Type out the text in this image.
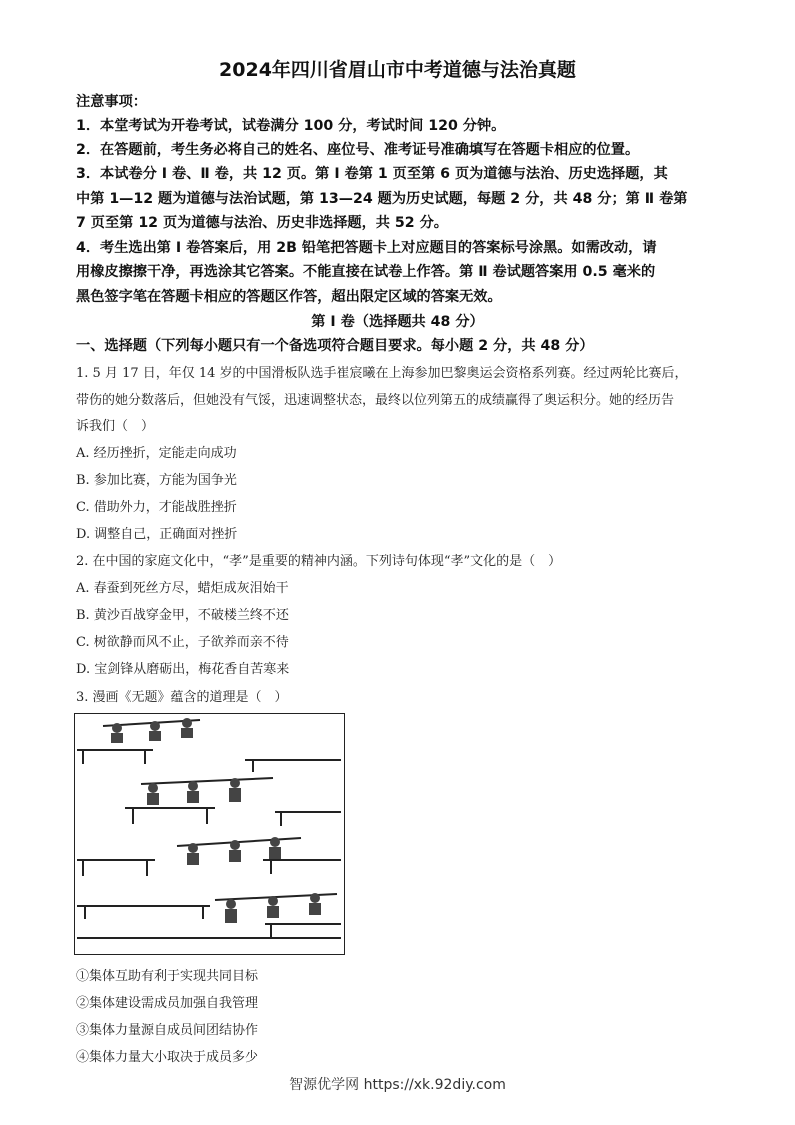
2024年四川省眉山市中考道德与法治真题
注意事项：
1．本堂考试为开卷考试，试卷满分 100 分，考试时间 120 分钟。
2．在答题前，考生务必将自己的姓名、座位号、准考证号准确填写在答题卡相应的位置。
3．本试卷分 Ⅰ 卷、Ⅱ 卷，共 12 页。第 Ⅰ 卷第 1 页至第 6 页为道德与法治、历史选择题，其
中第 1—12 题为道德与法治试题，第 13—24 题为历史试题，每题 2 分，共 48 分；第 Ⅱ 卷第
7 页至第 12 页为道德与法治、历史非选择题，共 52 分。
4．考生选出第 Ⅰ 卷答案后，用 2B 铅笔把答题卡上对应题目的答案标号涂黑。如需改动，请
用橡皮擦擦干净，再选涂其它答案。不能直接在试卷上作答。第 Ⅱ 卷试题答案用 0.5 毫米的
黑色签字笔在答题卡相应的答题区作答，超出限定区域的答案无效。
第 Ⅰ 卷（选择题共 48 分）
一、选择题（下列每小题只有一个备选项符合题目要求。每小题 2 分，共 48 分）
1. 5 月 17 日，年仅 14 岁的中国滑板队选手崔宸曦在上海参加巴黎奥运会资格系列赛。经过两轮比赛后，
带伤的她分数落后，但她没有气馁，迅速调整状态，最终以位列第五的成绩赢得了奥运积分。她的经历告
诉我们（　）
A. 经历挫折，定能走向成功
B. 参加比赛，方能为国争光
C. 借助外力，才能战胜挫折
D. 调整自己，正确面对挫折
2. 在中国的家庭文化中，“孝”是重要的精神内涵。下列诗句体现“孝”文化的是（　）
A. 春蚕到死丝方尽，蜡炬成灰泪始干
B. 黄沙百战穿金甲，不破楼兰终不还
C. 树欲静而风不止，子欲养而亲不待
D. 宝剑锋从磨砺出，梅花香自苦寒来
3. 漫画《无题》蕴含的道理是（　）
①集体互助有利于实现共同目标
②集体建设需成员加强自我管理
③集体力量源自成员间团结协作
④集体力量大小取决于成员多少
智源优学网 https://xk.92diy.com
